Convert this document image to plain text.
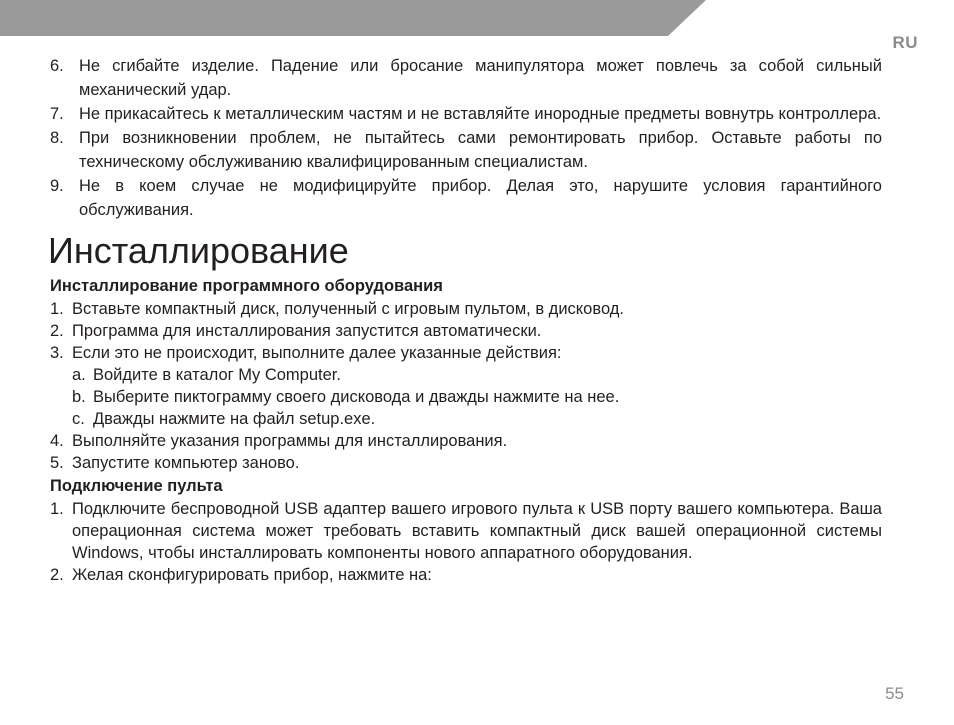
RU
6. Не сгибайте изделие. Падение или бросание манипулятора может повлечь за собой сильный механический удар.
7. Не прикасайтесь к металлическим частям и не вставляйте инородные предметы вовнутрь контроллера.
8. При возникновении проблем, не пытайтесь сами ремонтировать прибор. Оставьте работы по техническому обслуживанию квалифицированным специалистам.
9. Не в коем случае не модифицируйте прибор. Делая это, нарушите условия гарантийного обслуживания.
Инсталлирование
Инсталлирование программного оборудования
1. Вставьте компактный диск, полученный с игровым пультом, в дисковод.
2. Программа для инсталлирования запустится автоматически.
3. Если это не происходит, выполните далее указанные действия:
a. Войдите в каталог My Computer.
b. Выберите пиктограмму своего дисковода и дважды нажмите на нее.
c. Дважды нажмите на файл setup.exe.
4. Выполняйте указания программы для инсталлирования.
5. Запустите компьютер заново.
Подключение пульта
1. Подключите беспроводной USB адаптер вашего игрового пульта к USB порту вашего компьютера. Ваша операционная система может требовать вставить компактный диск вашей операционной системы Windows, чтобы инсталлировать компоненты нового аппаратного оборудования.
2. Желая сконфигурировать прибор, нажмите на:
55
